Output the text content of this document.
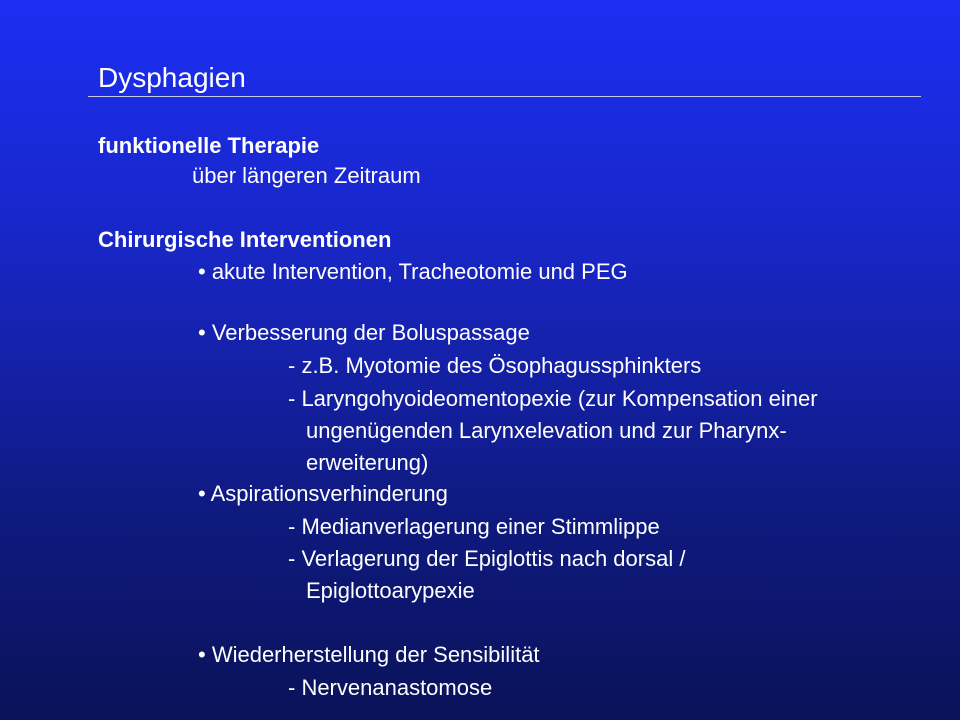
Dysphagien
funktionelle Therapie
über längeren Zeitraum
Chirurgische Interventionen
• akute Intervention, Tracheotomie und PEG
• Verbesserung der Boluspassage
- z.B. Myotomie des Ösophagussphinkters
- Laryngohyoideomentopexie (zur Kompensation einer
ungenügenden Larynxelevation und zur Pharynx-
erweiterung)
• Aspirationsverhinderung
- Medianverlagerung einer Stimmlippe
- Verlagerung der Epiglottis nach dorsal /
Epiglottoarypexie
• Wiederherstellung der Sensibilität
- Nervenanastomose
